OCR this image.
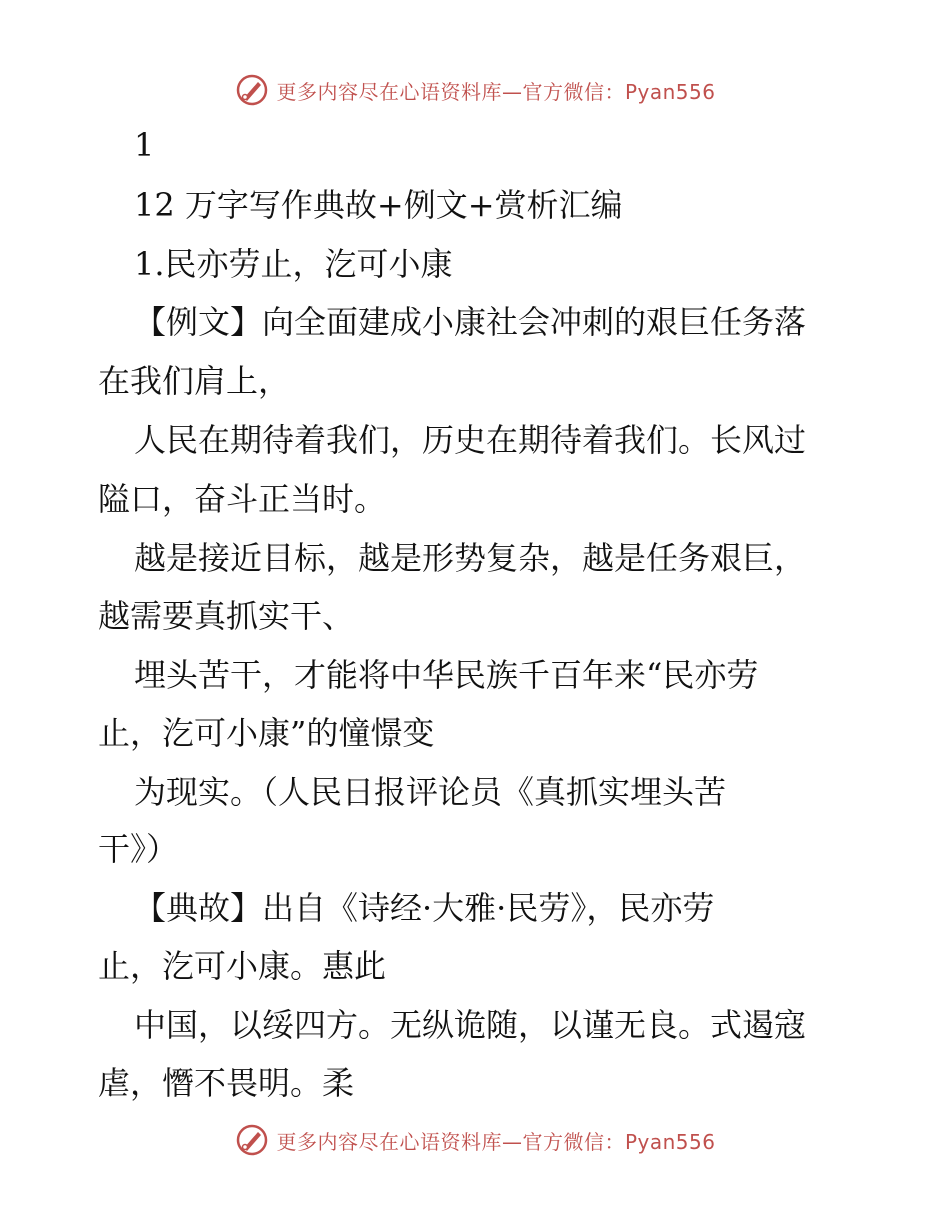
更多内容尽在心语资料库—官方微信：Pyan556
1
12 万字写作典故+例文+赏析汇编
1.民亦劳止，汔可小康
【例文】向全面建成小康社会冲刺的艰巨任务落
在我们肩上，
人民在期待着我们，历史在期待着我们。长风过
隘口，奋斗正当时。
越是接近目标，越是形势复杂，越是任务艰巨，
越需要真抓实干、
埋头苦干，才能将中华民族千百年来“民亦劳
止，汔可小康”的憧憬变
为现实。（人民日报评论员《真抓实埋头苦
干》）
【典故】出自《诗经·大雅·民劳》，民亦劳
止，汔可小康。惠此
中国，以绥四方。无纵诡随，以谨无良。式遏寇
虐，憯不畏明。柔
更多内容尽在心语资料库—官方微信：Pyan556
